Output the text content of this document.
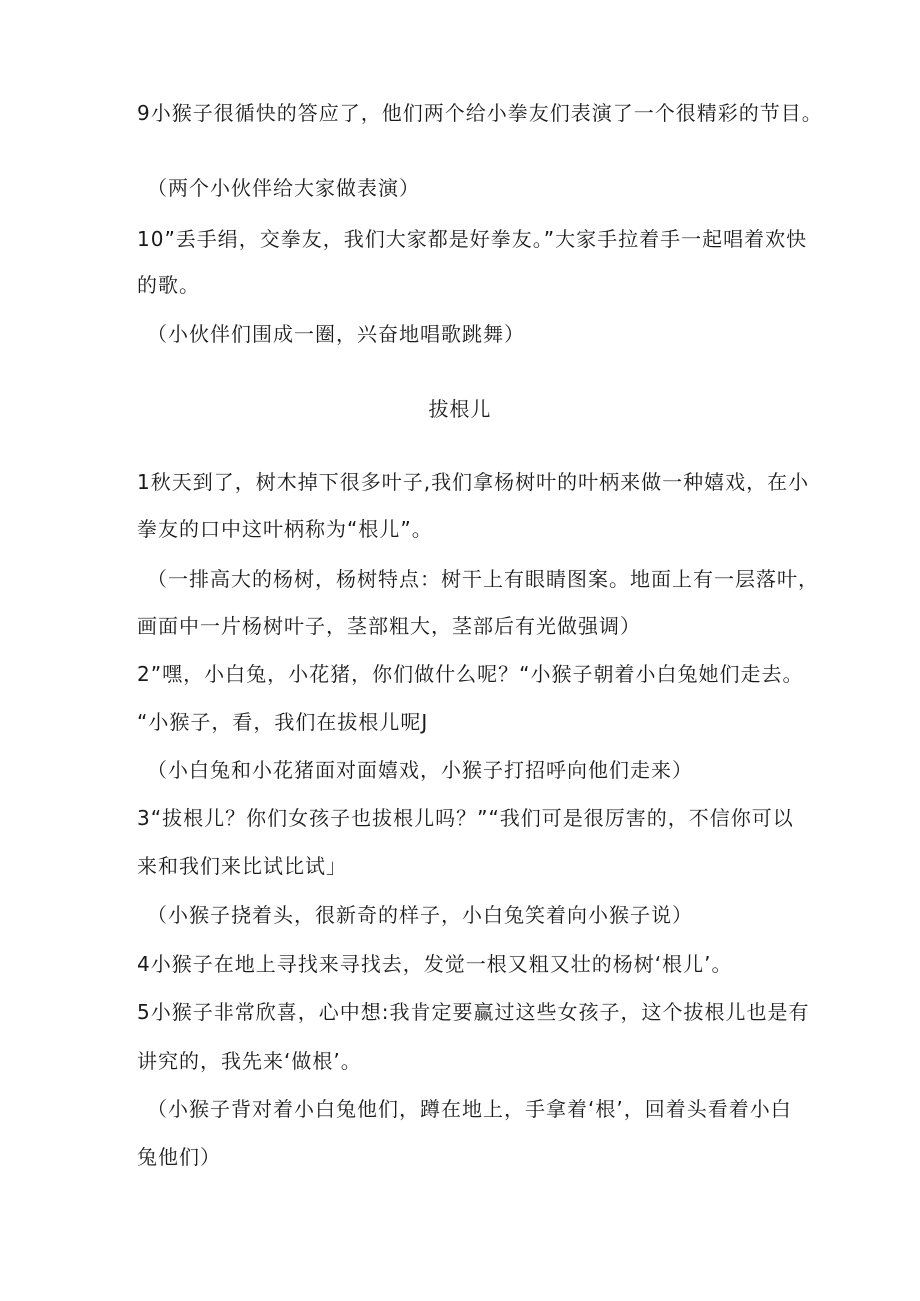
9小猴子很循快的答应了，他们两个给小拳友们表演了一个很精彩的节目。
（两个小伙伴给大家做表演）
10”丢手绢，交拳友，我们大家都是好拳友。”大家手拉着手一起唱着欢快
的歌。
（小伙伴们围成一圈，兴奋地唱歌跳舞）
拔根儿
1秋天到了，树木掉下很多叶子,我们拿杨树叶的叶柄来做一种嬉戏，在小
拳友的口中这叶柄称为“根儿”。
（一排高大的杨树，杨树特点：树干上有眼睛图案。地面上有一层落叶，
画面中一片杨树叶子，茎部粗大，茎部后有光做强调）
2”嘿，小白兔，小花猪，你们做什么呢？“小猴子朝着小白兔她们走去。
“小猴子，看，我们在拔根儿呢J
（小白兔和小花猪面对面嬉戏，小猴子打招呼向他们走来）
3“拔根儿？你们女孩子也拔根儿吗？”“我们可是很厉害的，不信你可以
来和我们来比试比试」
（小猴子挠着头，很新奇的样子，小白兔笑着向小猴子说）
4小猴子在地上寻找来寻找去，发觉一根又粗又壮的杨树‘根儿’。
5小猴子非常欣喜，心中想:我肯定要赢过这些女孩子，这个拔根儿也是有
讲究的，我先来‘做根’。
（小猴子背对着小白兔他们，蹲在地上，手拿着‘根’，回着头看着小白
兔他们）
